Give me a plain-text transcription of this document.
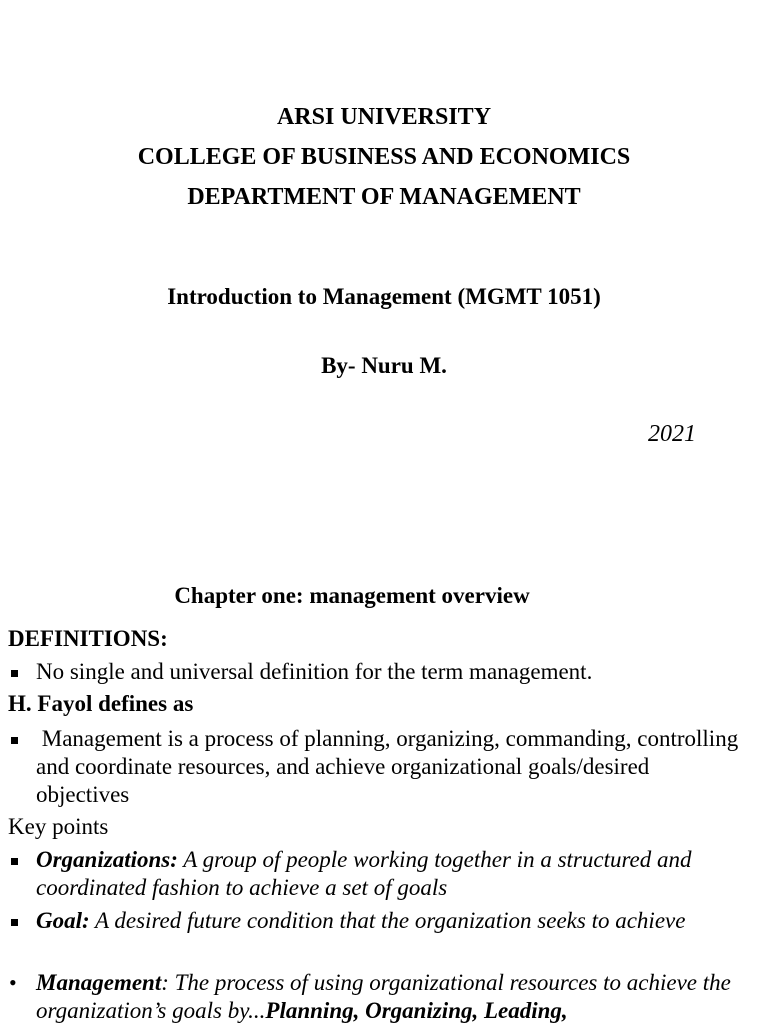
ARSI UNIVERSITY
COLLEGE OF BUSINESS AND ECONOMICS
DEPARTMENT OF MANAGEMENT
Introduction to Management (MGMT 1051)
By- Nuru M.
2021
Chapter one: management overview
DEFINITIONS:
No single and universal definition for the term management.
H. Fayol defines as
Management is a process of planning, organizing, commanding, controlling and coordinate resources, and achieve organizational goals/desired objectives
Key points
Organizations: A group of people working together in a structured and coordinated fashion to achieve a set of goals
Goal: A desired future condition that the organization seeks to achieve
• Management: The process of using organizational resources to achieve the organization’s goals by...Planning, Organizing, Leading,
